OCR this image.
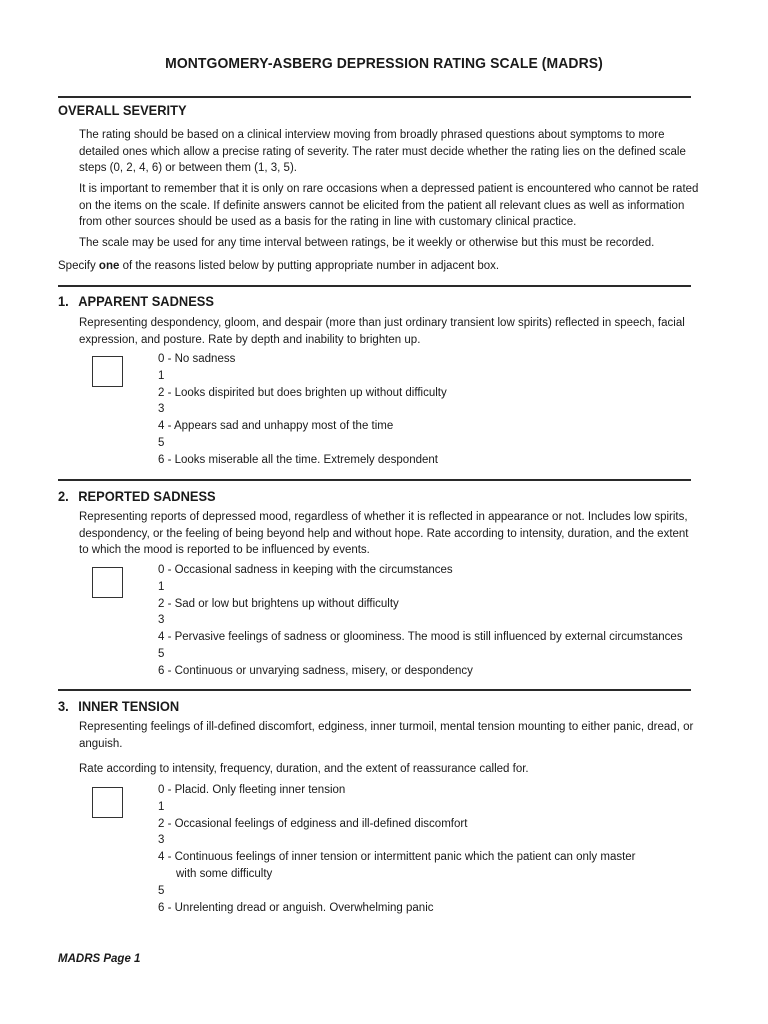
MONTGOMERY-ASBERG DEPRESSION RATING SCALE (MADRS)
OVERALL SEVERITY

The rating should be based on a clinical interview moving from broadly phrased questions about symptoms to more detailed ones which allow a precise rating of severity. The rater must decide whether the rating lies on the defined scale steps (0, 2, 4, 6) or between them (1, 3, 5).

It is important to remember that it is only on rare occasions when a depressed patient is encountered who cannot be rated on the items on the scale. If definite answers cannot be elicited from the patient all relevant clues as well as information from other sources should be used as a basis for the rating in line with customary clinical practice.

The scale may be used for any time interval between ratings, be it weekly or otherwise but this must be recorded.

Specify one of the reasons listed below by putting appropriate number in adjacent box.

1. APPARENT SADNESS

Representing despondency, gloom, and despair (more than just ordinary transient low spirits) reflected in speech, facial expression, and posture. Rate by depth and inability to brighten up.

0 - No sadness
1
2 - Looks dispirited but does brighten up without difficulty
3
4 - Appears sad and unhappy most of the time
5
6 - Looks miserable all the time. Extremely despondent
2. REPORTED SADNESS

Representing reports of depressed mood, regardless of whether it is reflected in appearance or not. Includes low spirits, despondency, or the feeling of being beyond help and without hope. Rate according to intensity, duration, and the extent to which the mood is reported to be influenced by events.

0 - Occasional sadness in keeping with the circumstances
1
2 - Sad or low but brightens up without difficulty
3
4 - Pervasive feelings of sadness or gloominess. The mood is still influenced by external circumstances
5
6 - Continuous or unvarying sadness, misery, or despondency
3. INNER TENSION

Representing feelings of ill-defined discomfort, edginess, inner turmoil, mental tension mounting to either panic, dread, or anguish.

Rate according to intensity, frequency, duration, and the extent of reassurance called for.

0 - Placid. Only fleeting inner tension
1
2 - Occasional feelings of edginess and ill-defined discomfort
3
4 - Continuous feelings of inner tension or intermittent panic which the patient can only master
with some difficulty
5
6 - Unrelenting dread or anguish. Overwhelming panic
MADRS Page 1
